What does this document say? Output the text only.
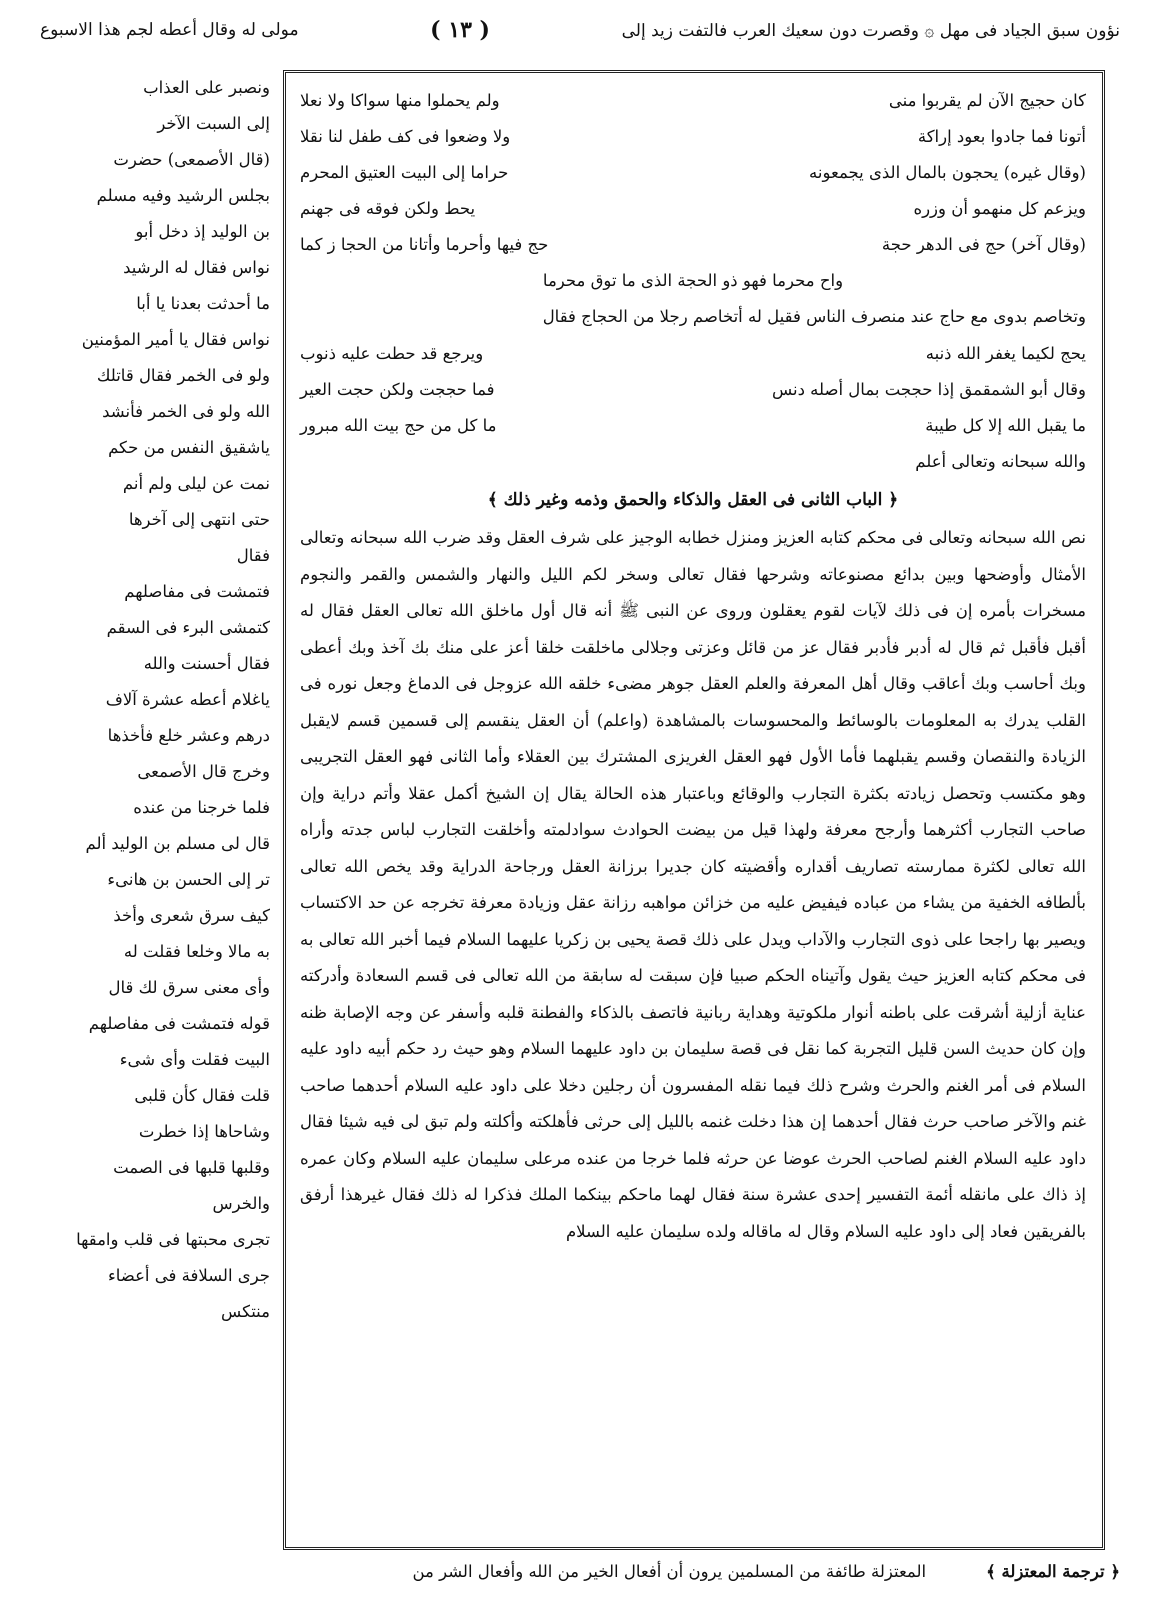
نؤون سبق الجياد فی مهل ۞ وقصرت دون سعيك العرب فالتفت زيد إلى
( ١٣ )
مولى له وقال أعطه لجم هذا الاسبوع
ونصبر على العذاب
إلى السبت الآخر
(قال الأصمعى) حضرت
بجلس الرشيد وفيه مسلم
بن الوليد إذ دخل أبو
نواس فقال له الرشيد
ما أحدثت بعدنا يا أبا
نواس فقال يا أمير المؤمنين
ولو فی الخمر فقال قاتلك
الله ولو فی الخمر فأنشد
ياشقيق النفس من حكم
نمت عن ليلى ولم أنم
حتى انتهى إلى آخرها
فقال
فتمشت فی مفاصلهم
كتمشى البرء فی السقم
فقال أحسنت والله
ياغلام أعطه عشرة آلاف
درهم وعشر خلع فأخذها
وخرج قال الأصمعى
فلما خرجنا من عنده
قال لی مسلم بن الوليد ألم
تر إلى الحسن بن هانىء
كيف سرق شعرى وأخذ
به مالا وخلعا فقلت له
وأى معنى سرق لك قال
قوله فتمشت فی مفاصلهم
البيت فقلت وأى شیء
قلت فقال كأن قلبى
وشاحاها إذا خطرت
وقلبها قلبها فی الصمت
والخرس
تجرى محبتها فی قلب وامقها
جرى السلافة فی أعضاء
منتكس
كان حجيج الآن لم يقربوا منى
ولم يحملوا منها سواكا ولا نعلا
أتونا فما جادوا بعود إراكة
ولا وضعوا فی كف طفل لنا نقلا
(وقال غيره) يحجون بالمال الذى يجمعونه
حراما إلى البيت العتيق المحرم
ويزعم كل منهمو أن وزره
يحط ولكن فوقه فی جهنم
(وقال آخر) حج فی الدهر حجة
حج فيها وأحرما وأتانا من الحجا ز كما
واح محرما فهو ذو الحجة الذى ما توق محرما

وتخاصم بدوى مع حاج عند منصرف الناس فقيل له أتخاصم رجلا من الحجاج فقال

يحج لكيما يغفر الله ذنبه
ويرجع قد حطت عليه ذنوب
وقال أبو الشمقمق إذا حججت بمال أصله دنس
فما حججت ولكن حجت العير
ما يقبل الله إلا كل طيبة
ما كل من حج بيت الله مبرور

والله سبحانه وتعالى أعلم

﴿ الباب الثانى فی العقل والذكاء والحمق وذمه وغير ذلك ﴾

نص الله سبحانه وتعالى فی محكم كتابه العزيز ومنزل خطابه الوجيز على شرف العقل وقد ضرب الله سبحانه وتعالى الأمثال وأوضحها وبين بدائع مصنوعاته وشرحها فقال تعالى وسخر لكم الليل والنهار والشمس والقمر والنجوم مسخرات بأمره إن فی ذلك لآيات لقوم يعقلون وروى عن النبی ﷺ أنه قال أول ماخلق الله تعالى العقل فقال له أقبل فأقبل ثم قال له أدبر فأدبر فقال عز من قائل وعزتى وجلالى ماخلقت خلقا أعز على منك بك آخذ وبك أعطى وبك أحاسب وبك أعاقب وقال أهل المعرفة والعلم العقل جوهر مضىء خلقه الله عزوجل فی الدماغ وجعل نوره فی القلب يدرك به المعلومات بالوسائط والمحسوسات بالمشاهدة (واعلم) أن العقل ينقسم إلى قسمين قسم لايقبل الزيادة والنقصان وقسم يقبلهما فأما الأول فهو العقل الغريزى المشترك بين العقلاء وأما الثانى فهو العقل التجريبى وهو مكتسب وتحصل زيادته بكثرة التجارب والوقائع وباعتبار هذه الحالة يقال إن الشيخ أكمل عقلا وأتم دراية وإن صاحب التجارب أكثرهما وأرجح معرفة ولهذا قيل من بيضت الحوادث سوادلمته وأخلقت التجارب لباس جدته وأراه الله تعالى لكثرة ممارسته تصاريف أقداره وأقضيته كان جديرا برزانة العقل ورجاحة الدراية وقد يخص الله تعالى بألطافه الخفية من يشاء من عباده فيفيض عليه من خزائن مواهبه رزانة عقل وزيادة معرفة تخرجه عن حد الاكتساب ويصير بها راجحا على ذوى التجارب والآداب ويدل على ذلك قصة يحيى بن زكريا عليهما السلام فيما أخبر الله تعالى به فی محكم كتابه العزيز حيث يقول وآتيناه الحكم صبيا فإن سبقت له سابقة من الله تعالى فی قسم السعادة وأدركته عناية أزلية أشرقت على باطنه أنوار ملكوتية وهداية ربانية فاتصف بالذكاء والفطنة قلبه وأسفر عن وجه الإصابة ظنه وإن كان حديث السن قليل التجربة كما نقل فی قصة سليمان بن داود عليهما السلام وهو حيث رد حكم أبيه داود عليه السلام فی أمر الغنم والحرث وشرح ذلك فيما نقله المفسرون أن رجلين دخلا على داود عليه السلام أحدهما صاحب غنم والآخر صاحب حرث فقال أحدهما إن هذا دخلت غنمه بالليل إلى حرثى فأهلكته وأكلته ولم تبق لى فيه شيئا فقال داود عليه السلام الغنم لصاحب الحرث عوضا عن حرثه فلما خرجا من عنده مرعلى سليمان عليه السلام وكان عمره إذ ذاك على مانقله أئمة التفسير إحدى عشرة سنة فقال لهما ماحكم بينكما الملك فذكرا له ذلك فقال غيرهذا أرفق بالفريقين فعاد إلى داود عليه السلام وقال له ماقاله ولده سليمان عليه السلام

﴿ ترجمة المعتزلة ﴾
المعتزلة طائفة من المسلمين يرون أن أفعال الخير من الله وأفعال الشر من
